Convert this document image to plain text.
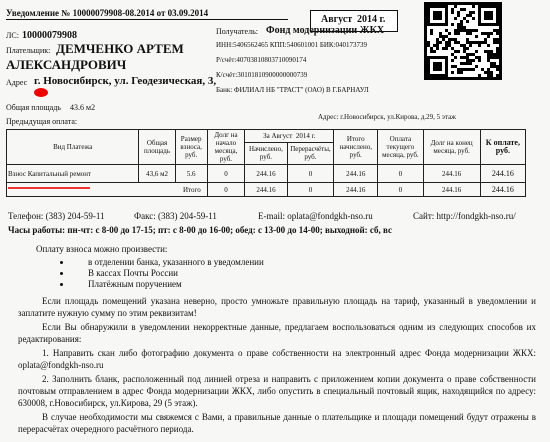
Уведомление № 10000079908-08.2014 от 03.09.2014
ЛС: 10000079908
Плательщик: ДЕМЧЕНКО АРТЕМ
АЛЕКСАНДРОВИЧ
Адрес г. Новосибирск, ул. Геодезическая, 3,
Общая площадь 43.6 м2
Предыдущая оплата:
Август 2014 г.
Получатель: Фонд модернизации ЖКХ
ИНН:5406562465 КПП:540601001 БИК:040173739
Р/счёт:40703810803710090174
К/счёт:30101810900000000739
Банк: ФИЛИАЛ НБ "ТРАСТ" (ОАО) В Г.БАРНАУЛ
Адрес: г.Новосибирск, ул.Кирова, д.29, 5 этаж
Вид Платежа	Общая площадь	Размер взноса, руб.	Долг на начало месяца, руб.	За Август 2014 г.		Итого начислено, руб.	Оплата текущего месяца, руб.	Долг на конец месяца, руб.	К оплате, руб.
				Начислено, руб.	Перерасчёты, руб.				
Взнос Капитальный ремонт	43,6 м2	5.6	0	244.16	0	244.16	0	244.16	244.16
Итого			0	244.16	0	244.16	0	244.16	244.16
Телефон: (383) 204-59-11	Факс: (383) 204-59-11	E-mail: oplata@fondgkh-nso.ru	Сайт: http://fondgkh-nso.ru/
Часы работы: пн-чт: с 8-00 до 17-15; пт: с 8-00 до 16-00; обед: с 13-00 до 14-00; выходной: сб, вс
Оплату взноса можно произвести:
в отделении банка, указанного в уведомлении
В кассах Почты России
Платёжным поручением
Если площадь помещений указана неверно, просто умножьте правильную площадь на тариф, указанный в уведомлении и заплатите нужную сумму по этим реквизитам!
Если Вы обнаружили в уведомлении некорректные данные, предлагаем воспользоваться одним из следующих способов их редактирования:
1. Направить скан либо фотографию документа о праве собственности на электронный адрес Фонда модернизации ЖКХ: oplata@fondgkh-nso.ru
2. Заполнить бланк, расположенный под линией отреза и направить с приложением копии документа о праве собственности почтовым отправлением в адрес Фонда модернизации ЖКХ, либо опустить в специальный почтовый ящик, находящийся по адресу: 630008, г.Новосибирск, ул.Кирова, 29 (5 этаж).
В случае необходимости мы свяжемся с Вами, а правильные данные о плательщике и площади помещений будут отражены в перерасчётах очередного расчётного периода.
